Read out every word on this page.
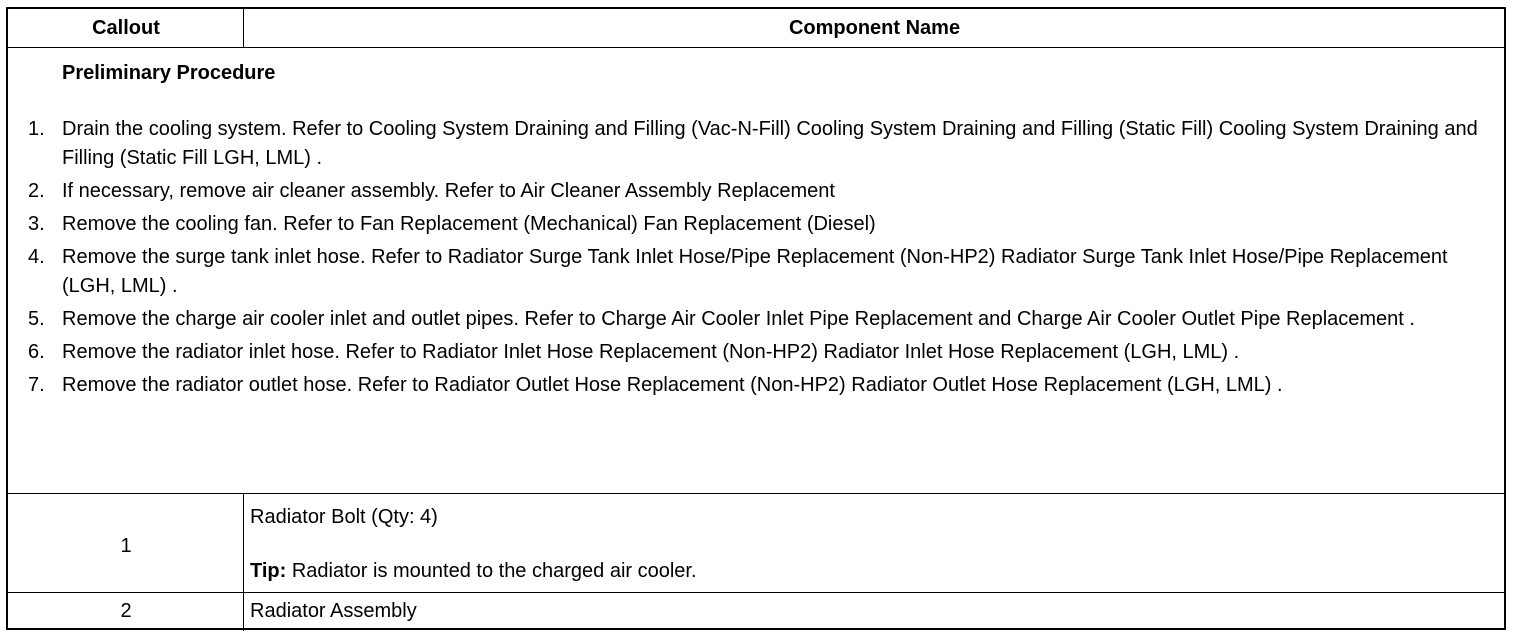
Callout	Component Name
Preliminary Procedure
1. Drain the cooling system. Refer to Cooling System Draining and Filling (Vac-N-Fill) Cooling System Draining and Filling (Static Fill) Cooling System Draining and Filling (Static Fill LGH, LML) .
2. If necessary, remove air cleaner assembly. Refer to Air Cleaner Assembly Replacement
3. Remove the cooling fan. Refer to Fan Replacement (Mechanical) Fan Replacement (Diesel)
4. Remove the surge tank inlet hose. Refer to Radiator Surge Tank Inlet Hose/Pipe Replacement (Non-HP2) Radiator Surge Tank Inlet Hose/Pipe Replacement (LGH, LML) .
5. Remove the charge air cooler inlet and outlet pipes. Refer to Charge Air Cooler Inlet Pipe Replacement and Charge Air Cooler Outlet Pipe Replacement .
6. Remove the radiator inlet hose. Refer to Radiator Inlet Hose Replacement (Non-HP2) Radiator Inlet Hose Replacement (LGH, LML) .
7. Remove the radiator outlet hose. Refer to Radiator Outlet Hose Replacement (Non-HP2) Radiator Outlet Hose Replacement (LGH, LML) .
1
Radiator Bolt (Qty: 4)
Tip: Radiator is mounted to the charged air cooler.
2	Radiator Assembly
